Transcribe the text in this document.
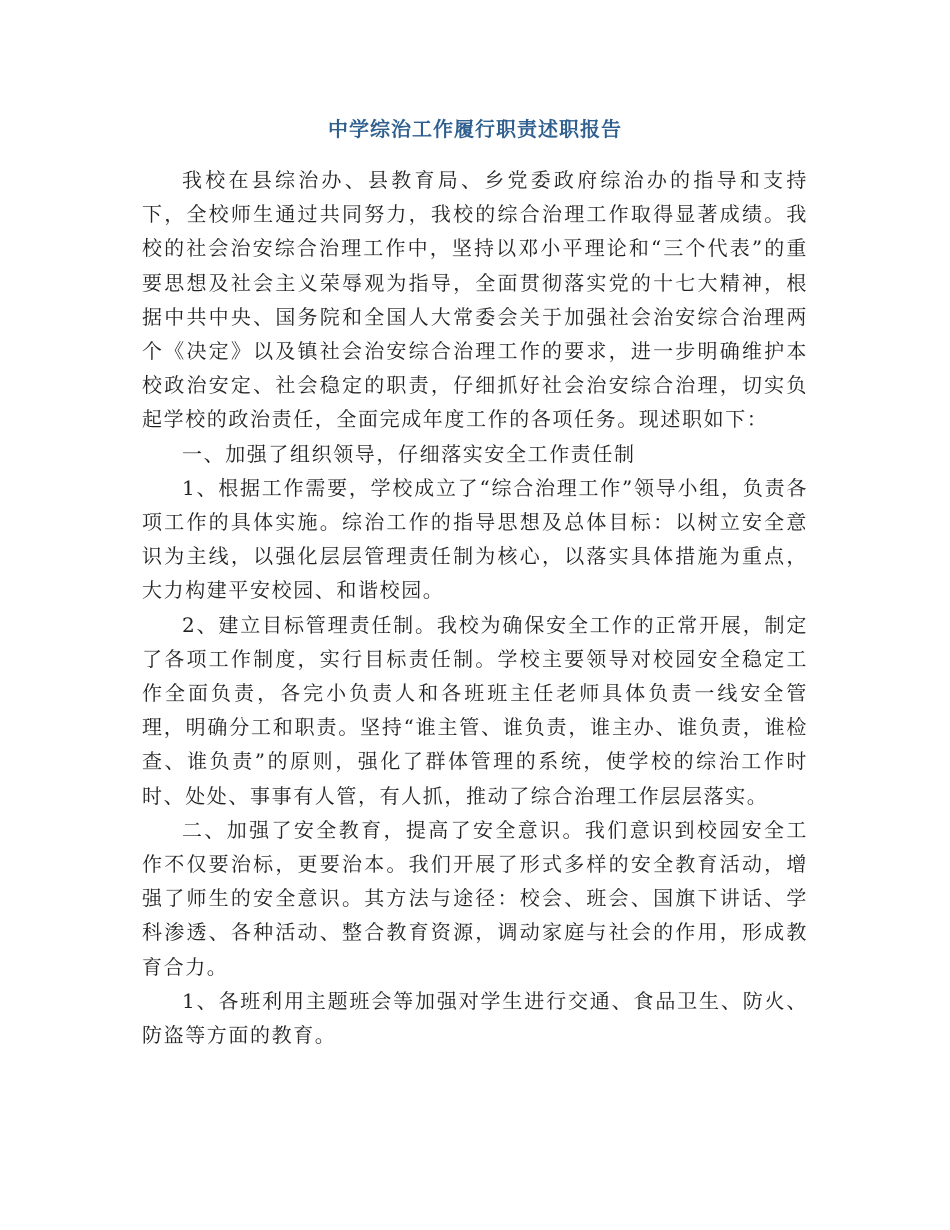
中学综治工作履行职责述职报告

我校在县综治办、县教育局、乡党委政府综治办的指导和支持下，全校师生通过共同努力，我校的综合治理工作取得显著成绩。我校的社会治安综合治理工作中，坚持以邓小平理论和“三个代表”的重要思想及社会主义荣辱观为指导，全面贯彻落实党的十七大精神，根据中共中央、国务院和全国人大常委会关于加强社会治安综合治理两个《决定》以及镇社会治安综合治理工作的要求，进一步明确维护本校政治安定、社会稳定的职责，仔细抓好社会治安综合治理，切实负起学校的政治责任，全面完成年度工作的各项任务。现述职如下：

一、加强了组织领导，仔细落实安全工作责任制

1、根据工作需要，学校成立了“综合治理工作”领导小组，负责各项工作的具体实施。综治工作的指导思想及总体目标：以树立安全意识为主线，以强化层层管理责任制为核心，以落实具体措施为重点，大力构建平安校园、和谐校园。

2、建立目标管理责任制。我校为确保安全工作的正常开展，制定了各项工作制度，实行目标责任制。学校主要领导对校园安全稳定工作全面负责，各完小负责人和各班班主任老师具体负责一线安全管理，明确分工和职责。坚持“谁主管、谁负责，谁主办、谁负责，谁检查、谁负责”的原则，强化了群体管理的系统，使学校的综治工作时时、处处、事事有人管，有人抓，推动了综合治理工作层层落实。

二、加强了安全教育，提高了安全意识。我们意识到校园安全工作不仅要治标，更要治本。我们开展了形式多样的安全教育活动，增强了师生的安全意识。其方法与途径：校会、班会、国旗下讲话、学科渗透、各种活动、整合教育资源，调动家庭与社会的作用，形成教育合力。

1、各班利用主题班会等加强对学生进行交通、食品卫生、防火、防盗等方面的教育。
